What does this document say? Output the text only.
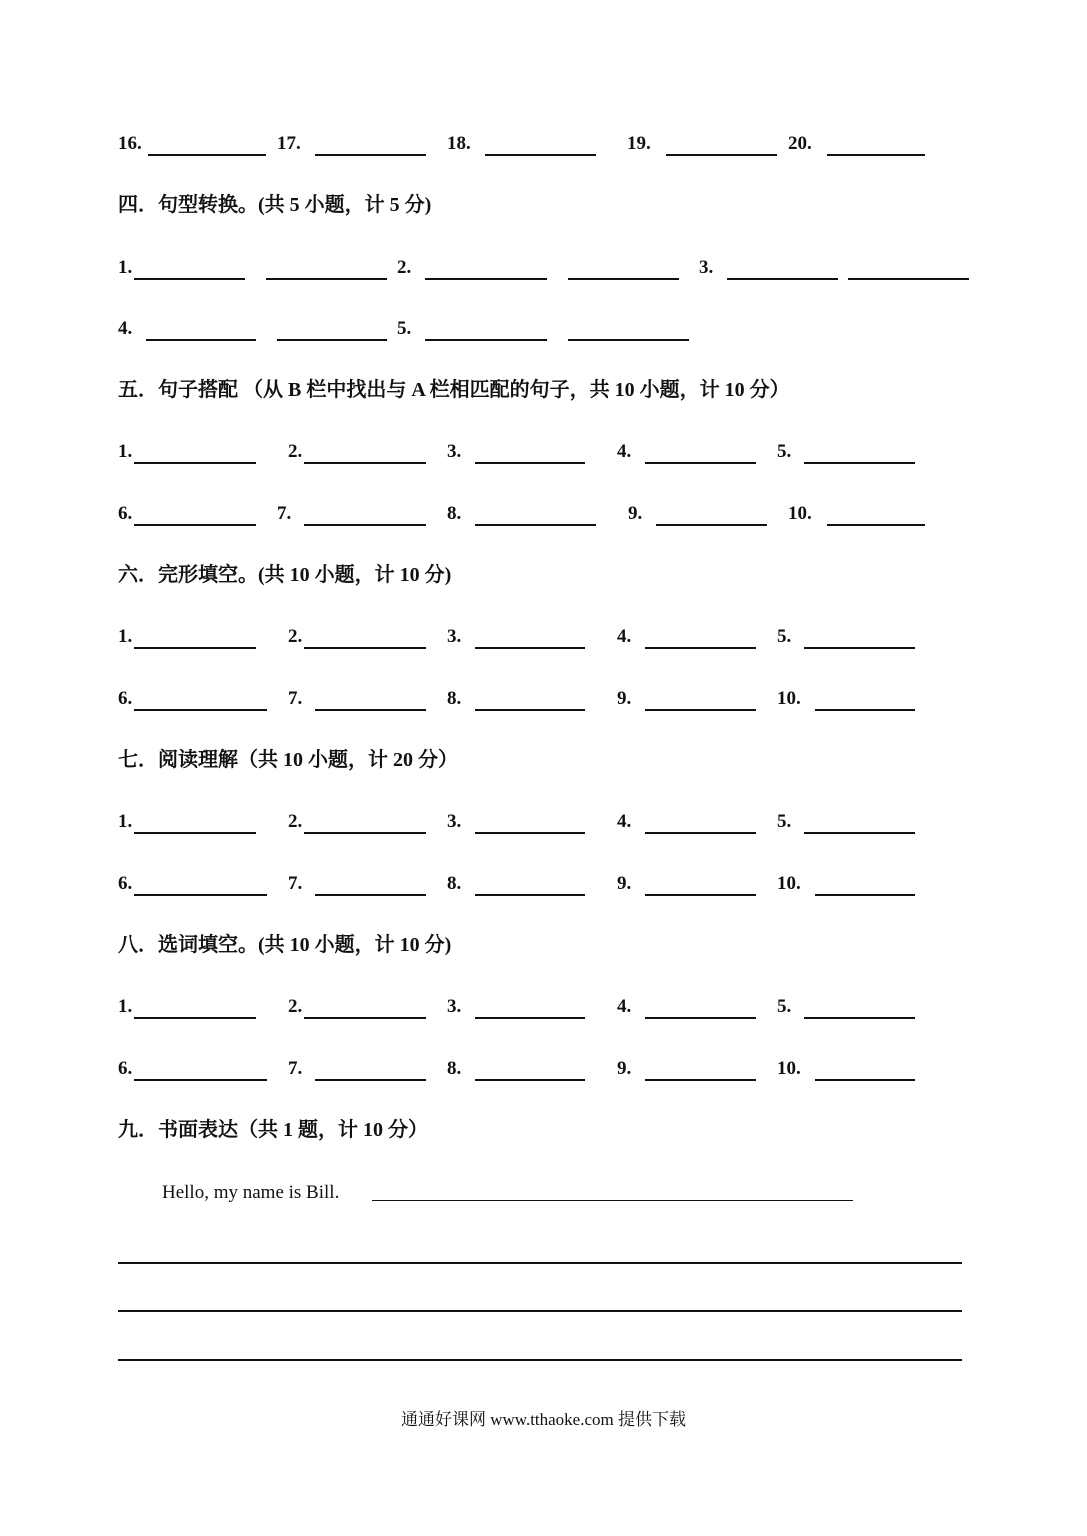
16.	17.	18.	19.	20.
四．句型转换。(共 5 小题，计 5 分)
1.	2.	3.
4.	5.
五．句子搭配 （从 B 栏中找出与 A 栏相匹配的句子，共 10 小题，计 10 分）
1.	2.	3.	4.	5.
6.	7.	8.	9.	10.
六．完形填空。(共 10 小题，计 10 分)
1.	2.	3.	4.	5.
6.	7.	8.	9.	10.
七．阅读理解（共 10 小题，计 20 分）
1.	2.	3.	4.	5.
6.	7.	8.	9.	10.
八．选词填空。(共 10 小题，计 10 分)
1.	2.	3.	4.	5.
6.	7.	8.	9.	10.
九．书面表达（共 1 题，计 10 分）
Hello, my name is Bill.
通通好课网 www.tthaoke.com 提供下载
